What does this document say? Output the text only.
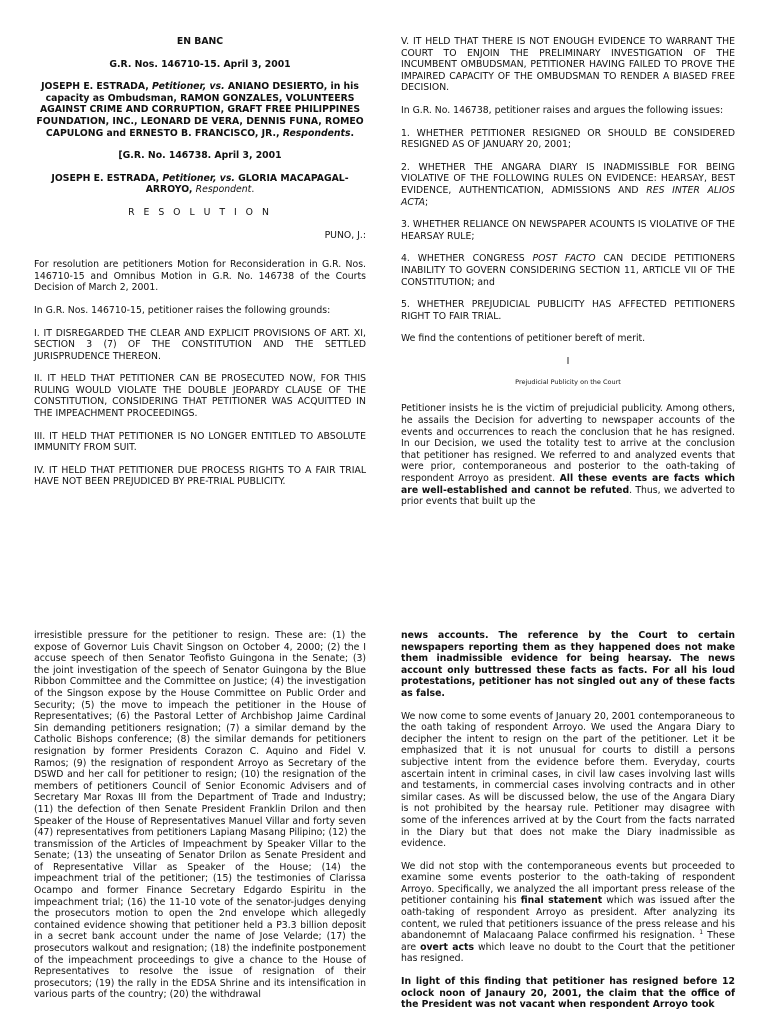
EN BANC

G.R. Nos. 146710-15. April 3, 2001

JOSEPH E. ESTRADA, Petitioner, vs. ANIANO DESIERTO, in his capacity as Ombudsman, RAMON GONZALES, VOLUNTEERS AGAINST CRIME AND CORRUPTION, GRAFT FREE PHILIPPINES FOUNDATION, INC., LEONARD DE VERA, DENNIS FUNA, ROMEO CAPULONG and ERNESTO B. FRANCISCO, JR., Respondents.

[G.R. No. 146738. April 3, 2001

JOSEPH E. ESTRADA, Petitioner, vs. GLORIA MACAPAGAL-ARROYO, Respondent.

R E S O L U T I O N

PUNO, J.:

For resolution are petitioners Motion for Reconsideration in G.R. Nos. 146710-15 and Omnibus Motion in G.R. No. 146738 of the Courts Decision of March 2, 2001.

In G.R. Nos. 146710-15, petitioner raises the following grounds:

I. IT DISREGARDED THE CLEAR AND EXPLICIT PROVISIONS OF ART. XI, SECTION 3 (7) OF THE CONSTITUTION AND THE SETTLED JURISPRUDENCE THEREON.

II. IT HELD THAT PETITIONER CAN BE PROSECUTED NOW, FOR THIS RULING WOULD VIOLATE THE DOUBLE JEOPARDY CLAUSE OF THE CONSTITUTION, CONSIDERING THAT PETITIONER WAS ACQUITTED IN THE IMPEACHMENT PROCEEDINGS.

III. IT HELD THAT PETITIONER IS NO LONGER ENTITLED TO ABSOLUTE IMMUNITY FROM SUIT.

IV. IT HELD THAT PETITIONER DUE PROCESS RIGHTS TO A FAIR TRIAL HAVE NOT BEEN PREJUDICED BY PRE-TRIAL PUBLICITY.

V. IT HELD THAT THERE IS NOT ENOUGH EVIDENCE TO WARRANT THE COURT TO ENJOIN THE PRELIMINARY INVESTIGATION OF THE INCUMBENT OMBUDSMAN, PETITIONER HAVING FAILED TO PROVE THE IMPAIRED CAPACITY OF THE OMBUDSMAN TO RENDER A BIASED FREE DECISION.

In G.R. No. 146738, petitioner raises and argues the following issues:

1. WHETHER PETITIONER RESIGNED OR SHOULD BE CONSIDERED RESIGNED AS OF JANUARY 20, 2001;

2. WHETHER THE ANGARA DIARY IS INADMISSIBLE FOR BEING VIOLATIVE OF THE FOLLOWING RULES ON EVIDENCE: HEARSAY, BEST EVIDENCE, AUTHENTICATION, ADMISSIONS AND RES INTER ALIOS ACTA;

3. WHETHER RELIANCE ON NEWSPAPER ACOUNTS IS VIOLATIVE OF THE HEARSAY RULE;

4. WHETHER CONGRESS POST FACTO CAN DECIDE PETITIONERS INABILITY TO GOVERN CONSIDERING SECTION 11, ARTICLE VII OF THE CONSTITUTION; and

5. WHETHER PREJUDICIAL PUBLICITY HAS AFFECTED PETITIONERS RIGHT TO FAIR TRIAL.

We find the contentions of petitioner bereft of merit.

I

Prejudicial Publicity on the Court

Petitioner insists he is the victim of prejudicial publicity. Among others, he assails the Decision for adverting to newspaper accounts of the events and occurrences to reach the conclusion that he has resigned. In our Decision, we used the totality test to arrive at the conclusion that petitioner has resigned. We referred to and analyzed events that were prior, contemporaneous and posterior to the oath-taking of respondent Arroyo as president. All these events are facts which are well-established and cannot be refuted. Thus, we adverted to prior events that built up the

irresistible pressure for the petitioner to resign. These are: (1) the expose of Governor Luis Chavit Singson on October 4, 2000; (2) the I accuse speech of then Senator Teofisto Guingona in the Senate; (3) the joint investigation of the speech of Senator Guingona by the Blue Ribbon Committee and the Committee on Justice; (4) the investigation of the Singson expose by the House Committee on Public Order and Security; (5) the move to impeach the petitioner in the House of Representatives; (6) the Pastoral Letter of Archbishop Jaime Cardinal Sin demanding petitioners resignation; (7) a similar demand by the Catholic Bishops conference; (8) the similar demands for petitioners resignation by former Presidents Corazon C. Aquino and Fidel V. Ramos; (9) the resignation of respondent Arroyo as Secretary of the DSWD and her call for petitioner to resign; (10) the resignation of the members of petitioners Council of Senior Economic Advisers and of Secretary Mar Roxas III from the Department of Trade and Industry; (11) the defection of then Senate President Franklin Drilon and then Speaker of the House of Representatives Manuel Villar and forty seven (47) representatives from petitioners Lapiang Masang Pilipino; (12) the transmission of the Articles of Impeachment by Speaker Villar to the Senate; (13) the unseating of Senator Drilon as Senate President and of Representative Villar as Speaker of the House; (14) the impeachment trial of the petitioner; (15) the testimonies of Clarissa Ocampo and former Finance Secretary Edgardo Espiritu in the impeachment trial; (16) the 11-10 vote of the senator-judges denying the prosecutors motion to open the 2nd envelope which allegedly contained evidence showing that petitioner held a P3.3 billion deposit in a secret bank account under the name of Jose Velarde; (17) the prosecutors walkout and resignation; (18) the indefinite postponement of the impeachment proceedings to give a chance to the House of Representatives to resolve the issue of resignation of their prosecutors; (19) the rally in the EDSA Shrine and its intensification in various parts of the country; (20) the withdrawal

news accounts. The reference by the Court to certain newspapers reporting them as they happened does not make them inadmissible evidence for being hearsay. The news account only buttressed these facts as facts. For all his loud protestations, petitioner has not singled out any of these facts as false.

We now come to some events of January 20, 2001 contemporaneous to the oath taking of respondent Arroyo. We used the Angara Diary to decipher the intent to resign on the part of the petitioner. Let it be emphasized that it is not unusual for courts to distill a persons subjective intent from the evidence before them. Everyday, courts ascertain intent in criminal cases, in civil law cases involving last wills and testaments, in commercial cases involving contracts and in other similar cases. As will be discussed below, the use of the Angara Diary is not prohibited by the hearsay rule. Petitioner may disagree with some of the inferences arrived at by the Court from the facts narrated in the Diary but that does not make the Diary inadmissible as evidence.

We did not stop with the contemporaneous events but proceeded to examine some events posterior to the oath-taking of respondent Arroyo. Specifically, we analyzed the all important press release of the petitioner containing his final statement which was issued after the oath-taking of respondent Arroyo as president. After analyzing its content, we ruled that petitioners issuance of the press release and his abandonemnt of Malacaang Palace confirmed his resignation. $^1$ These are overt acts which leave no doubt to the Court that the petitioner has resigned.

In light of this finding that petitioner has resigned before 12 oclock noon of Janaury 20, 2001, the claim that the office of the President was not vacant when respondent Arroyo took
